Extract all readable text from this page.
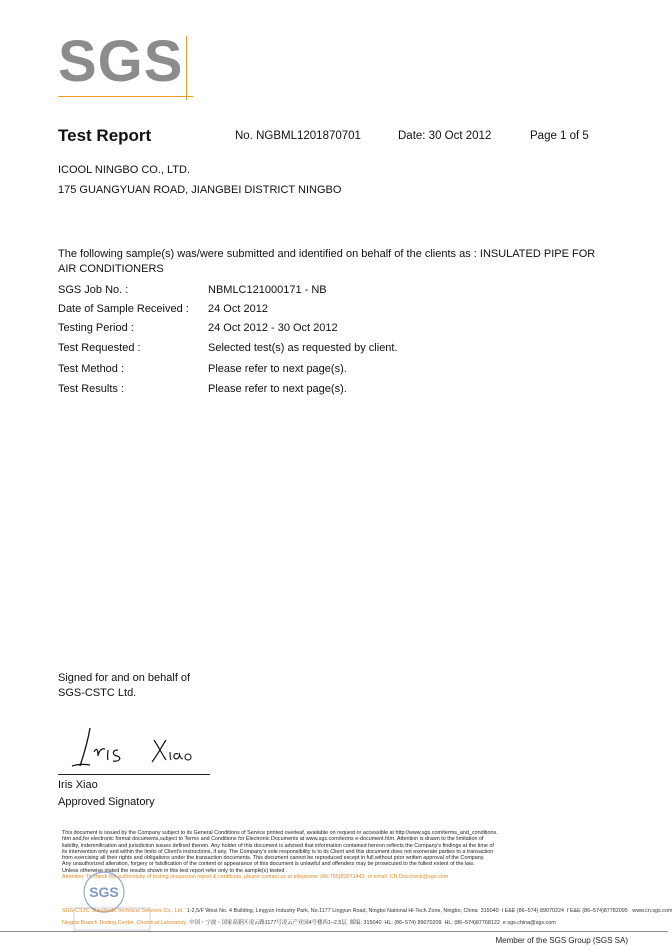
SGS
Test Report	No. NGBML1201870701	Date: 30 Oct 2012	Page 1 of 5
ICOOL NINGBO CO., LTD.
175 GUANGYUAN ROAD, JIANGBEI DISTRICT NINGBO
The following sample(s) was/were submitted and identified on behalf of the clients as : INSULATED PIPE FOR
AIR CONDITIONERS
SGS Job No. :	NBMLC121000171 - NB
Date of Sample Received : 24 Oct 2012
Testing Period :	24 Oct 2012 - 30 Oct 2012
Test Requested :	Selected test(s) as requested by client.
Test Method :	Please refer to next page(s).
Test Results :	Please refer to next page(s).
Signed for and on behalf of
SGS-CSTC Ltd.
Iris Xiao
Approved Signatory
This document is issued by the Company subject to its General Conditions of Service printed overleaf, available on request or accessible at http://www.sgs.com/terms_and_conditions.
htm and,for electronic format documents,subject to Terms and Conditions for Electronic Documents at www.sgs.com/terms e-document.htm. Attention is drawn to the limitation of
liability, indemnification and jurisdiction issues defined therein. Any holder of this document is advised that information contained hereon reflects the Company's findings at the time of
its intervention only and within the limits of Client's instructions, if any. The Company's sole responsibility is to its Client and this document does not exonerate parties to a transaction
from exercising all their rights and obligations under the transaction documents. This document cannot be reproduced except in full,without prior written approval of the Company.
Any unauthorized alteration, forgery or falsification of the content or appearance of this document is unlawful and offenders may be prosecuted to the fullest extent of the law.
Unless otherwise stated the results shown in this test report refer only to the sample(s) tested .
Attention: To check the authenticity of testing /inspection report & certificate, please contact us at telephone: (86-755)83071443, or email: CN.Doccheck@sgs.com
SGS
SGS-CSTC Standards Technical Services Co., Ltd. 1-2,5/F West No. 4 Building, Lingyun Industry Park, No.1177 Lingyun Road, Ningbo National Hi-Tech Zone, Ningbo, China 315040 t E&E (86–574) 89070224 f E&E (86–574)87782095 www.cn.sgs.com
Ningbo Branch Testing Center, Chemical Laboratory 中国・宁波・国家高新区凌云路1177号凌云产业园4号楼西1–2,5层 邮编: 315040 HL: (86–574) 89070209 HL: (86–574)87768122 e sgs.china@sgs.com
Member of the SGS Group (SGS SA)
